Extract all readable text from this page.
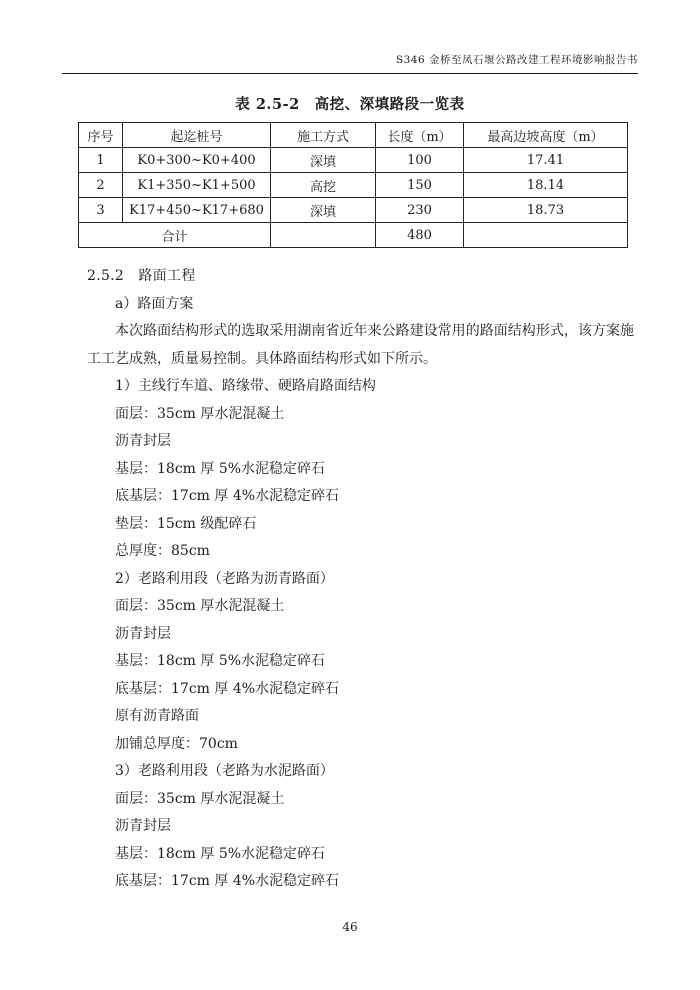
S346 金桥至凤石堰公路改建工程环境影响报告书
表 2.5-2　高挖、深填路段一览表
序号	起迄桩号	施工方式	长度（m）	最高边坡高度（m）
1	K0+300~K0+400	深填	100	17.41
2	K1+350~K1+500	高挖	150	18.14
3	K17+450~K17+680	深填	230	18.73
合计			480	
2.5.2　路面工程
a）路面方案
本次路面结构形式的选取采用湖南省近年来公路建设常用的路面结构形式，该方案施工工艺成熟，质量易控制。具体路面结构形式如下所示。
1）主线行车道、路缘带、硬路肩路面结构
面层：35cm 厚水泥混凝土
沥青封层
基层：18cm 厚 5%水泥稳定碎石
底基层：17cm 厚 4%水泥稳定碎石
垫层：15cm 级配碎石
总厚度：85cm
2）老路利用段（老路为沥青路面）
面层：35cm 厚水泥混凝土
沥青封层
基层：18cm 厚 5%水泥稳定碎石
底基层：17cm 厚 4%水泥稳定碎石
原有沥青路面
加铺总厚度：70cm
3）老路利用段（老路为水泥路面）
面层：35cm 厚水泥混凝土
沥青封层
基层：18cm 厚 5%水泥稳定碎石
底基层：17cm 厚 4%水泥稳定碎石
46
